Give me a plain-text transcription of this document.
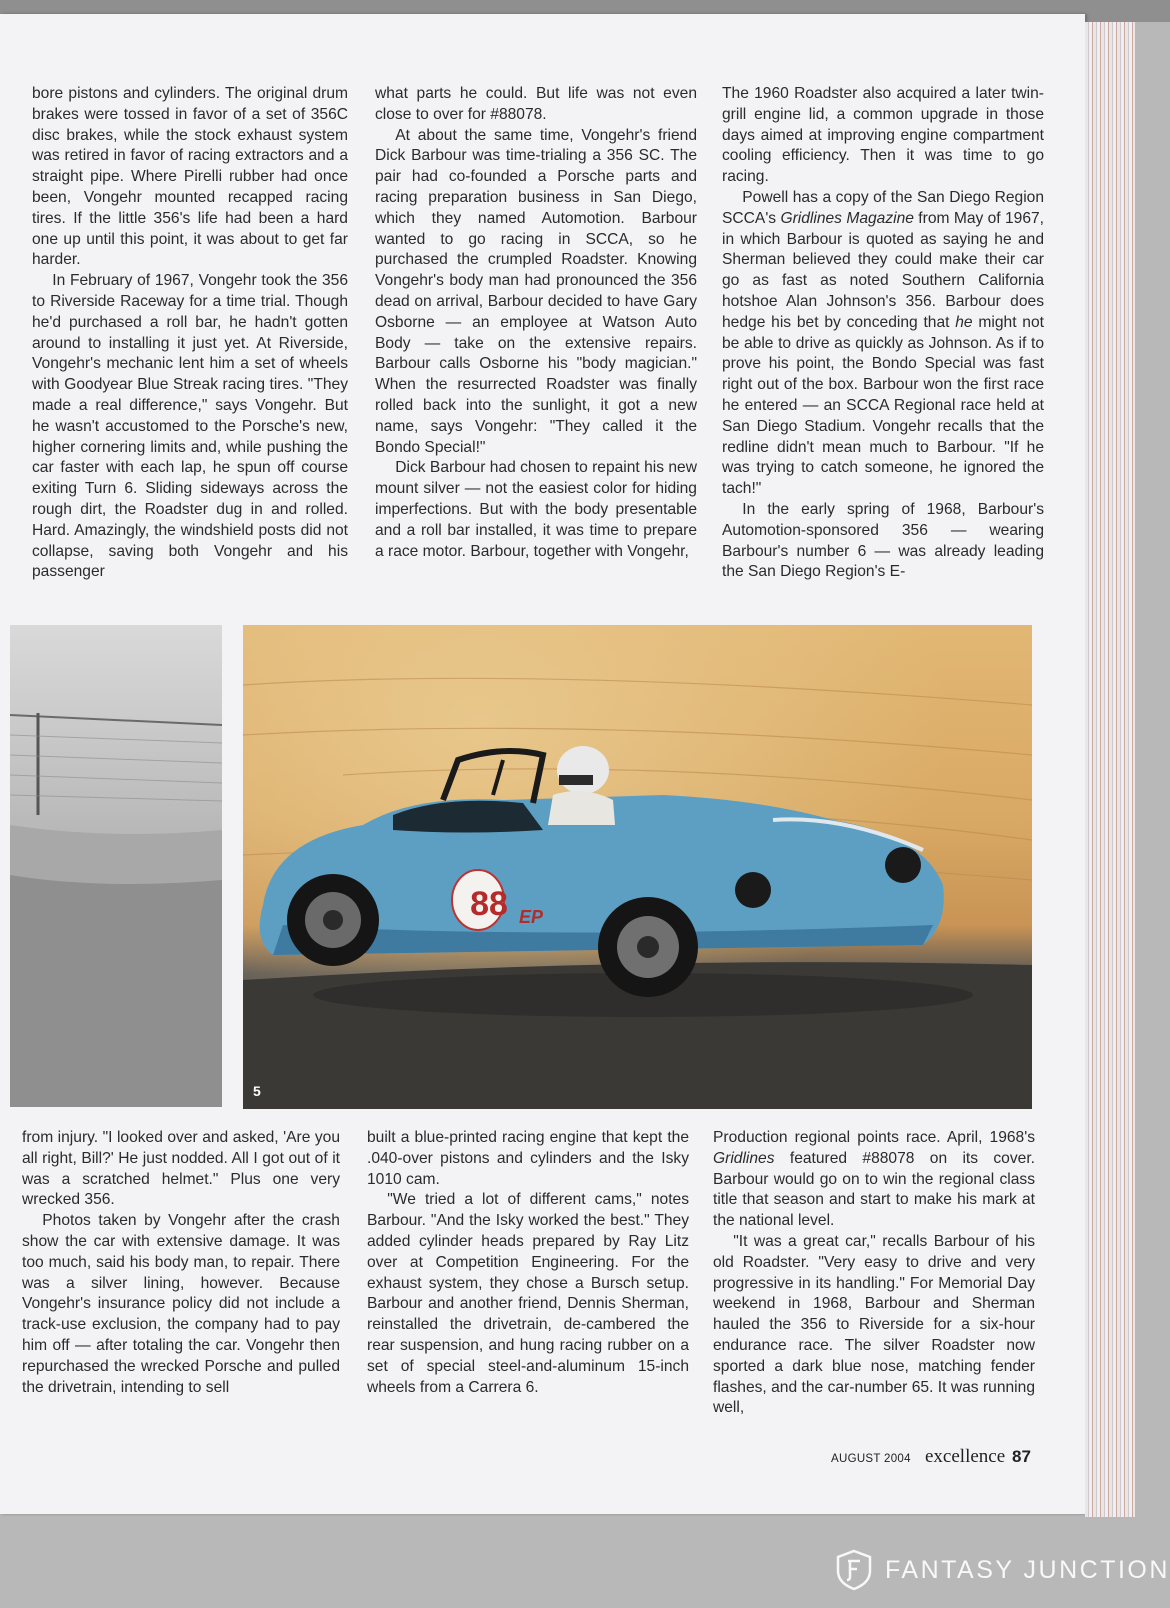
bore pistons and cylinders. The original drum brakes were tossed in favor of a set of 356C disc brakes, while the stock exhaust system was retired in favor of racing extractors and a straight pipe. Where Pirelli rubber had once been, Vongehr mounted recapped racing tires. If the little 356's life had been a hard one up until this point, it was about to get far harder.

In February of 1967, Vongehr took the 356 to Riverside Raceway for a time trial. Though he'd purchased a roll bar, he hadn't gotten around to installing it just yet. At Riverside, Vongehr's mechanic lent him a set of wheels with Goodyear Blue Streak racing tires. "They made a real difference," says Vongehr. But he wasn't accustomed to the Porsche's new, higher cornering limits and, while pushing the car faster with each lap, he spun off course exiting Turn 6. Sliding sideways across the rough dirt, the Roadster dug in and rolled. Hard. Amazingly, the windshield posts did not collapse, saving both Vongehr and his passenger

what parts he could. But life was not even close to over for #88078.

At about the same time, Vongehr's friend Dick Barbour was time-trialing a 356 SC. The pair had co-founded a Porsche parts and racing preparation business in San Diego, which they named Automotion. Barbour wanted to go racing in SCCA, so he purchased the crumpled Roadster. Knowing Vongehr's body man had pronounced the 356 dead on arrival, Barbour decided to have Gary Osborne — an employee at Watson Auto Body — take on the extensive repairs. Barbour calls Osborne his "body magician." When the resurrected Roadster was finally rolled back into the sunlight, it got a new name, says Vongehr: "They called it the Bondo Special!"

Dick Barbour had chosen to repaint his new mount silver — not the easiest color for hiding imperfections. But with the body presentable and a roll bar installed, it was time to prepare a race motor. Barbour, together with Vongehr,

The 1960 Roadster also acquired a later twin-grill engine lid, a common upgrade in those days aimed at improving engine compartment cooling efficiency. Then it was time to go racing.

Powell has a copy of the San Diego Region SCCA's Gridlines Magazine from May of 1967, in which Barbour is quoted as saying he and Sherman believed they could make their car go as fast as noted Southern California hotshoe Alan Johnson's 356. Barbour does hedge his bet by conceding that he might not be able to drive as quickly as Johnson. As if to prove his point, the Bondo Special was fast right out of the box. Barbour won the first race he entered — an SCCA Regional race held at San Diego Stadium. Vongehr recalls that the redline didn't mean much to Barbour. "If he was trying to catch someone, he ignored the tach!"

In the early spring of 1968, Barbour's Automotion-sponsored 356 — wearing Barbour's number 6 — was already leading the San Diego Region's E-

88 EP
5

from injury. "I looked over and asked, 'Are you all right, Bill?' He just nodded. All I got out of it was a scratched helmet." Plus one very wrecked 356.

Photos taken by Vongehr after the crash show the car with extensive damage. It was too much, said his body man, to repair. There was a silver lining, however. Because Vongehr's insurance policy did not include a track-use exclusion, the company had to pay him off — after totaling the car. Vongehr then repurchased the wrecked Porsche and pulled the drivetrain, intending to sell

built a blue-printed racing engine that kept the .040-over pistons and cylinders and the Isky 1010 cam.

"We tried a lot of different cams," notes Barbour. "And the Isky worked the best." They added cylinder heads prepared by Ray Litz over at Competition Engineering. For the exhaust system, they chose a Bursch setup. Barbour and another friend, Dennis Sherman, reinstalled the drivetrain, de-cambered the rear suspension, and hung racing rubber on a set of special steel-and-aluminum 15-inch wheels from a Carrera 6.

Production regional points race. April, 1968's Gridlines featured #88078 on its cover. Barbour would go on to win the regional class title that season and start to make his mark at the national level.

"It was a great car," recalls Barbour of his old Roadster. "Very easy to drive and very progressive in its handling." For Memorial Day weekend in 1968, Barbour and Sherman hauled the 356 to Riverside for a six-hour endurance race. The silver Roadster now sported a dark blue nose, matching fender flashes, and the car-number 65. It was running well,

AUGUST 2004 excellence 87
FANTASY JUNCTION
